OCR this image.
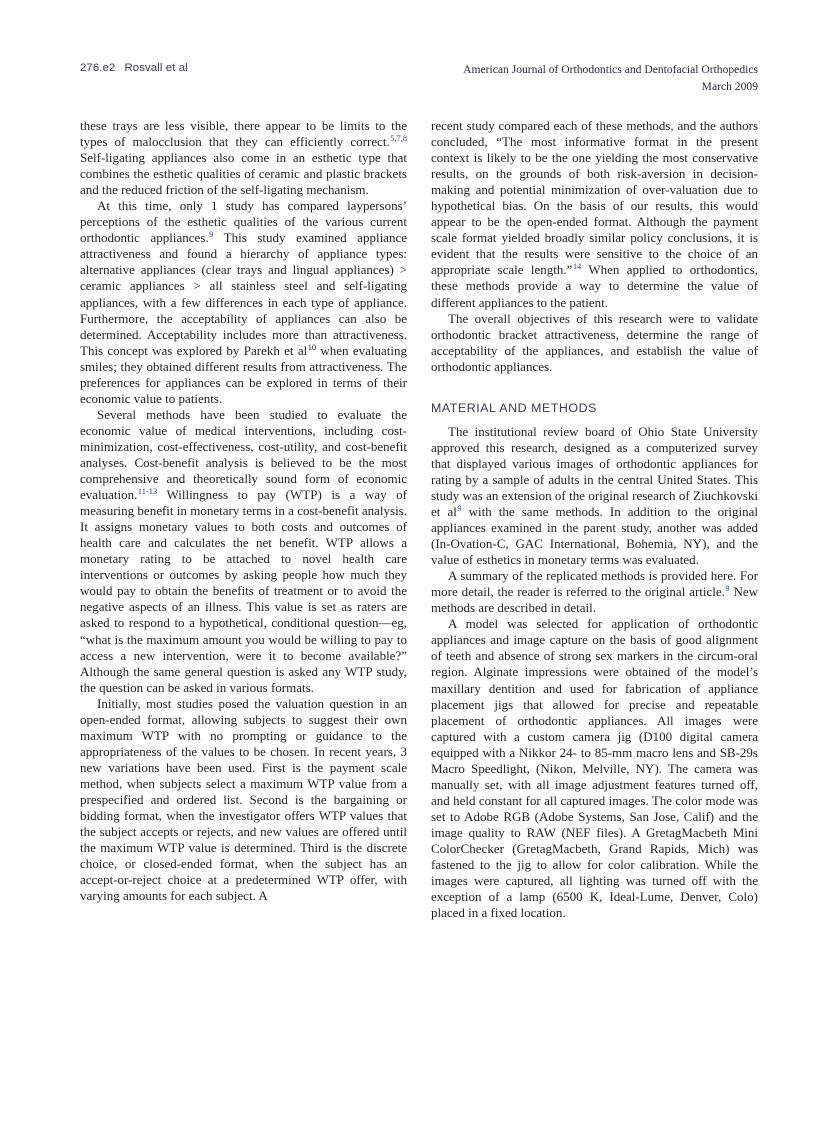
276.e2 Rosvall et al	American Journal of Orthodontics and Dentofacial Orthopedics
March 2009

these trays are less visible, there appear to be limits to the types of malocclusion that they can efficiently correct.$^{5,7,8}$ Self-ligating appliances also come in an esthetic type that combines the esthetic qualities of ceramic and plastic brackets and the reduced friction of the self-ligating mechanism.

At this time, only 1 study has compared laypersons’ perceptions of the esthetic qualities of the various current orthodontic appliances.$^9$ This study examined appliance attractiveness and found a hierarchy of appliance types: alternative appliances (clear trays and lingual appliances) > ceramic appliances > all stainless steel and self-ligating appliances, with a few differences in each type of appliance. Furthermore, the acceptability of appliances can also be determined. Acceptability includes more than attractiveness. This concept was explored by Parekh et al$^{10}$ when evaluating smiles; they obtained different results from attractiveness. The preferences for appliances can be explored in terms of their economic value to patients.

Several methods have been studied to evaluate the economic value of medical interventions, including cost-minimization, cost-effectiveness, cost-utility, and cost-benefit analyses. Cost-benefit analysis is believed to be the most comprehensive and theoretically sound form of economic evaluation.$^{11-13}$ Willingness to pay (WTP) is a way of measuring benefit in monetary terms in a cost-benefit analysis. It assigns monetary values to both costs and outcomes of health care and calculates the net benefit. WTP allows a monetary rating to be attached to novel health care interventions or outcomes by asking people how much they would pay to obtain the benefits of treatment or to avoid the negative aspects of an illness. This value is set as raters are asked to respond to a hypothetical, conditional question—eg, “what is the maximum amount you would be willing to pay to access a new intervention, were it to become available?” Although the same general question is asked any WTP study, the question can be asked in various formats.

Initially, most studies posed the valuation question in an open-ended format, allowing subjects to suggest their own maximum WTP with no prompting or guidance to the appropriateness of the values to be chosen. In recent years, 3 new variations have been used. First is the payment scale method, when subjects select a maximum WTP value from a prespecified and ordered list. Second is the bargaining or bidding format, when the investigator offers WTP values that the subject accepts or rejects, and new values are offered until the maximum WTP value is determined. Third is the discrete choice, or closed-ended format, when the subject has an accept-or-reject choice at a predetermined WTP offer, with varying amounts for each subject. A

recent study compared each of these methods, and the authors concluded, “The most informative format in the present context is likely to be the one yielding the most conservative results, on the grounds of both risk-aversion in decision-making and potential minimization of over-valuation due to hypothetical bias. On the basis of our results, this would appear to be the open-ended format. Although the payment scale format yielded broadly similar policy conclusions, it is evident that the results were sensitive to the choice of an appropriate scale length.”$^{14}$ When applied to orthodontics, these methods provide a way to determine the value of different appliances to the patient.

The overall objectives of this research were to validate orthodontic bracket attractiveness, determine the range of acceptability of the appliances, and establish the value of orthodontic appliances.

MATERIAL AND METHODS

The institutional review board of Ohio State University approved this research, designed as a computerized survey that displayed various images of orthodontic appliances for rating by a sample of adults in the central United States. This study was an extension of the original research of Ziuchkovski et al$^9$ with the same methods. In addition to the original appliances examined in the parent study, another was added (In-Ovation-C, GAC International, Bohemia, NY), and the value of esthetics in monetary terms was evaluated.

A summary of the replicated methods is provided here. For more detail, the reader is referred to the original article.$^9$ New methods are described in detail.

A model was selected for application of orthodontic appliances and image capture on the basis of good alignment of teeth and absence of strong sex markers in the circum-oral region. Alginate impressions were obtained of the model’s maxillary dentition and used for fabrication of appliance placement jigs that allowed for precise and repeatable placement of orthodontic appliances. All images were captured with a custom camera jig (D100 digital camera equipped with a Nikkor 24- to 85-mm macro lens and SB-29s Macro Speedlight, (Nikon, Melville, NY). The camera was manually set, with all image adjustment features turned off, and held constant for all captured images. The color mode was set to Adobe RGB (Adobe Systems, San Jose, Calif) and the image quality to RAW (NEF files). A GretagMacbeth Mini ColorChecker (GretagMacbeth, Grand Rapids, Mich) was fastened to the jig to allow for color calibration. While the images were captured, all lighting was turned off with the exception of a lamp (6500 K, Ideal-Lume, Denver, Colo) placed in a fixed location.
